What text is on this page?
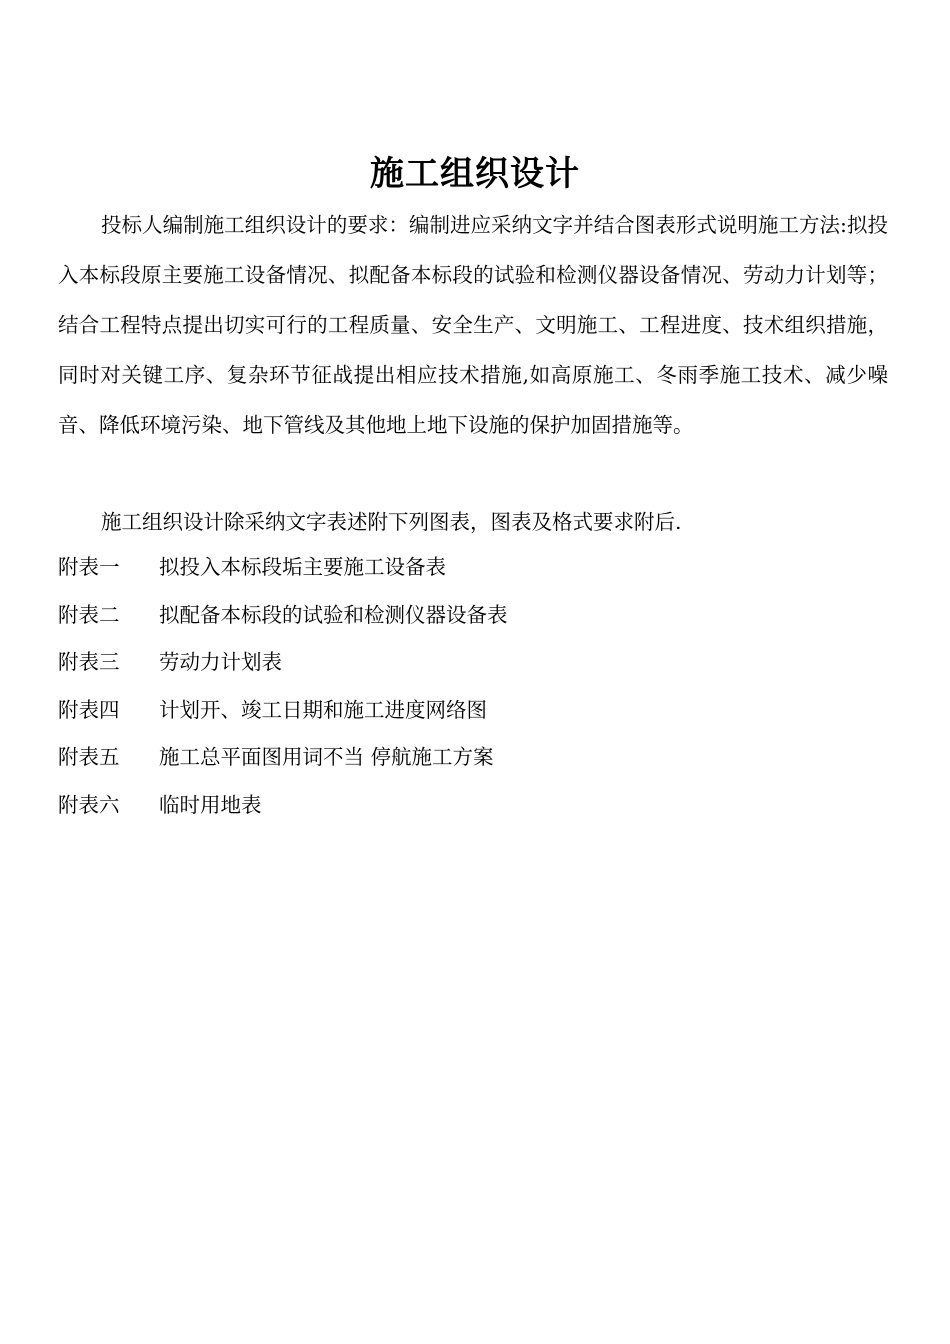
施工组织设计

投标人编制施工组织设计的要求：编制进应采纳文字并结合图表形式说明施工方法:拟投入本标段原主要施工设备情况、拟配备本标段的试验和检测仪器设备情况、劳动力计划等；结合工程特点提出切实可行的工程质量、安全生产、文明施工、工程进度、技术组织措施，同时对关键工序、复杂环节征战提出相应技术措施,如高原施工、冬雨季施工技术、减少噪音、降低环境污染、地下管线及其他地上地下设施的保护加固措施等。

施工组织设计除采纳文字表述附下列图表，图表及格式要求附后.

附表一	拟投入本标段垢主要施工设备表
附表二	拟配备本标段的试验和检测仪器设备表
附表三	劳动力计划表
附表四	计划开、竣工日期和施工进度网络图
附表五	施工总平面图用词不当 停航施工方案
附表六	临时用地表
